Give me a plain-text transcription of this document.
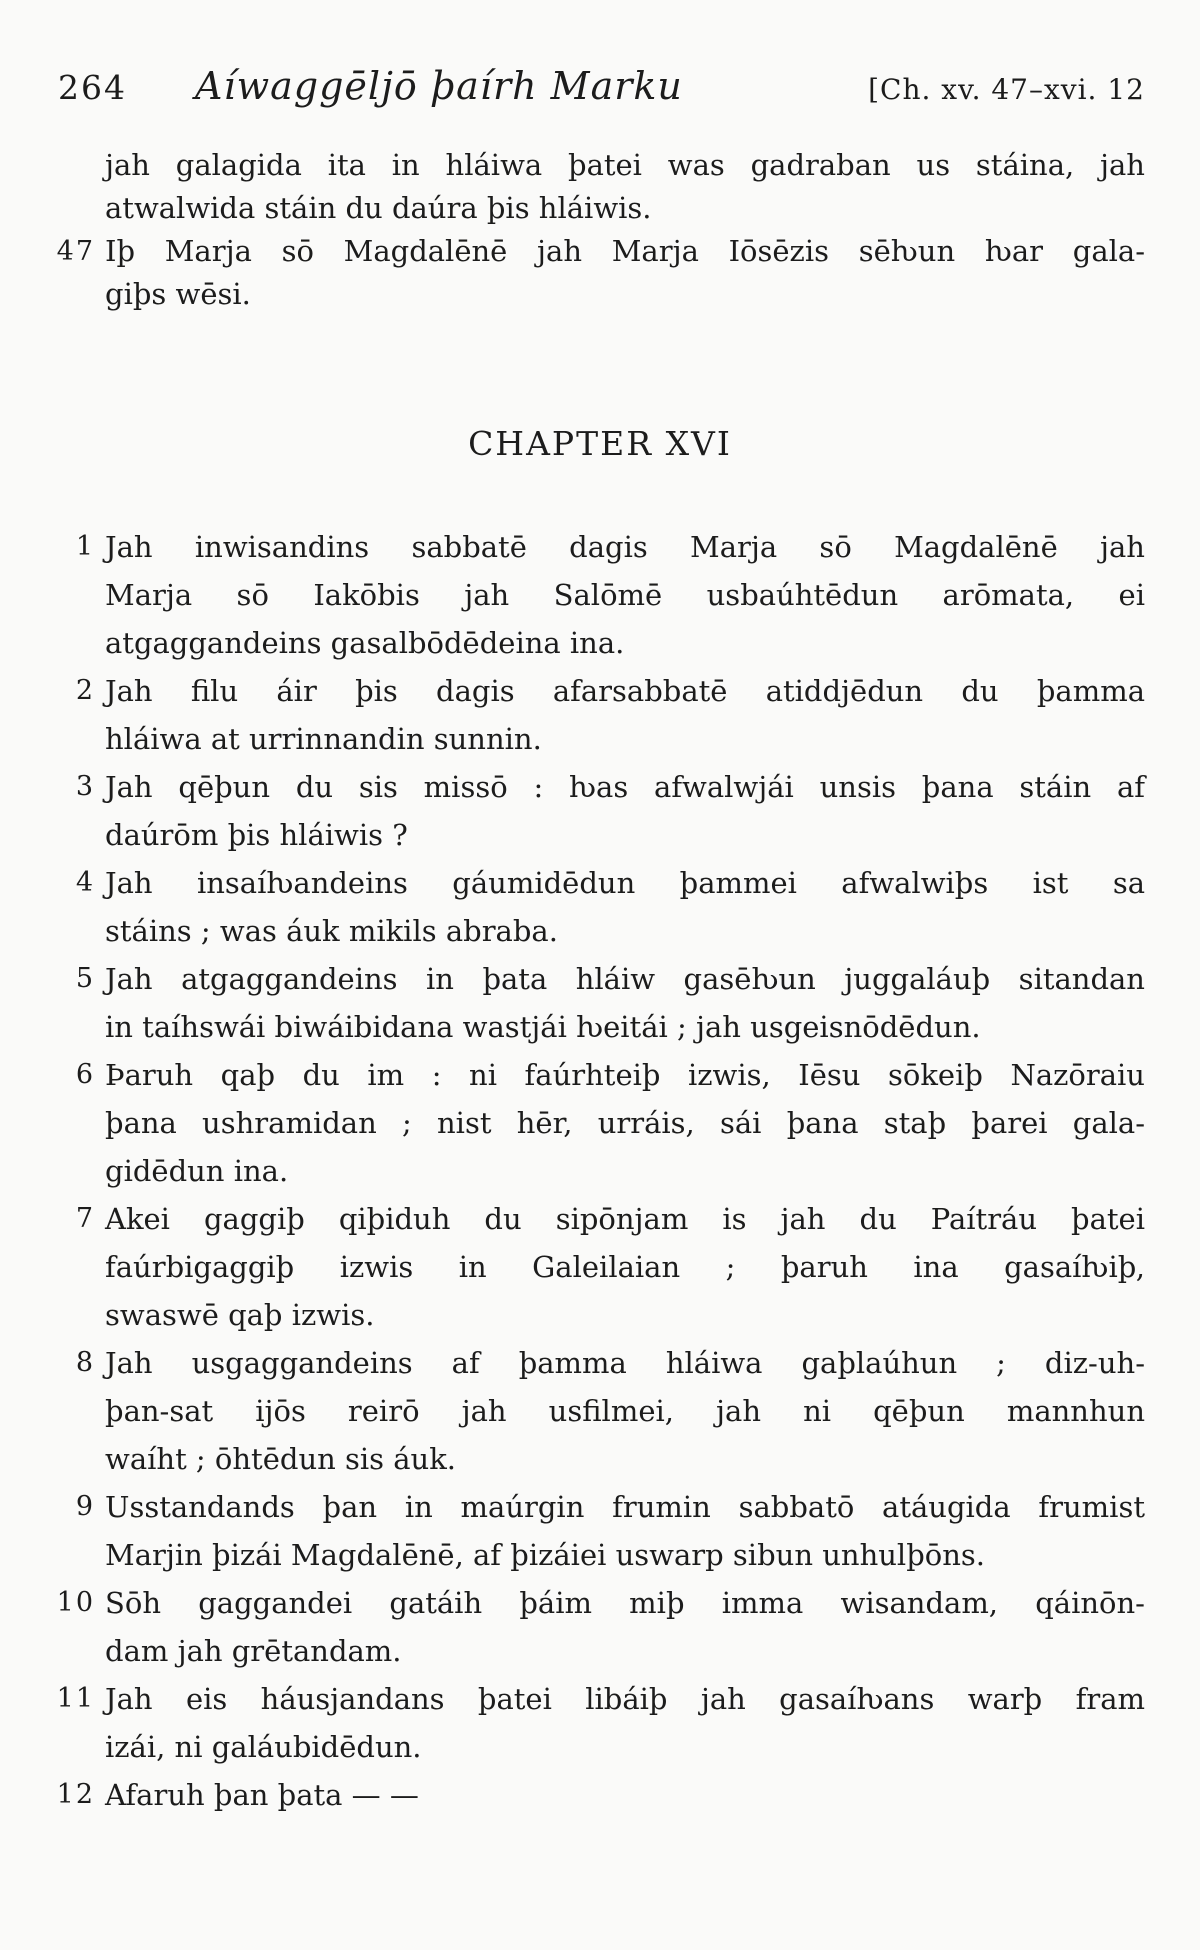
264 Aíwaggēljō þaírh Marku	[Ch. xv. 47–xvi. 12
jah galagida ita in hláiwa þatei was gadraban us stáina, jah
atwalwida stáin du daúra þis hláiwis.
47 Iþ Marja sō Magdalēnē jah Marja Iōsēzis sēƕun ƕar gala-
giþs wēsi.
CHAPTER XVI
1 Jah inwisandins sabbatē dagis Marja sō Magdalēnē jah
Marja sō Iakōbis jah Salōmē usbaúhtēdun arōmata, ei
atgaggandeins gasalbōdēdeina ina.
2 Jah filu áir þis dagis afarsabbatē atiddjēdun du þamma
hláiwa at urrinnandin sunnin.
3 Jah qēþun du sis missō : ƕas afwalwjái unsis þana stáin af
daúrōm þis hláiwis ?
4 Jah insaíƕandeins gáumidēdun þammei afwalwiþs ist sa
stáins ; was áuk mikils abraba.
5 Jah atgaggandeins in þata hláiw gasēƕun juggaláuþ sitandan
in taíhswái biwáibidana wastjái ƕeitái ; jah usgeisnōdēdun.
6 Þaruh qaþ du im : ni faúrhteiþ izwis, Iēsu sōkeiþ Nazōraiu
þana ushramidan ; nist hēr, urráis, sái þana staþ þarei gala-
gidēdun ina.
7 Akei gaggiþ qiþiduh du sipōnjam is jah du Paítráu þatei
faúrbigaggiþ izwis in Galeilaian ; þaruh ina gasaíƕiþ,
swaswē qaþ izwis.
8 Jah usgaggandeins af þamma hláiwa gaþlaúhun ; diz-uh-
þan-sat ijōs reirō jah usfilmei, jah ni qēþun mannhun
waíht ; ōhtēdun sis áuk.
9 Usstandands þan in maúrgin frumin sabbatō atáugida frumist
Marjin þizái Magdalēnē, af þizáiei uswarp sibun unhulþōns.
10 Sōh gaggandei gatáih þáim miþ imma wisandam, qáinōn-
dam jah grētandam.
11 Jah eis háusjandans þatei libáiþ jah gasaíƕans warþ fram
izái, ni galáubidēdun.
12 Afaruh þan þata — —
